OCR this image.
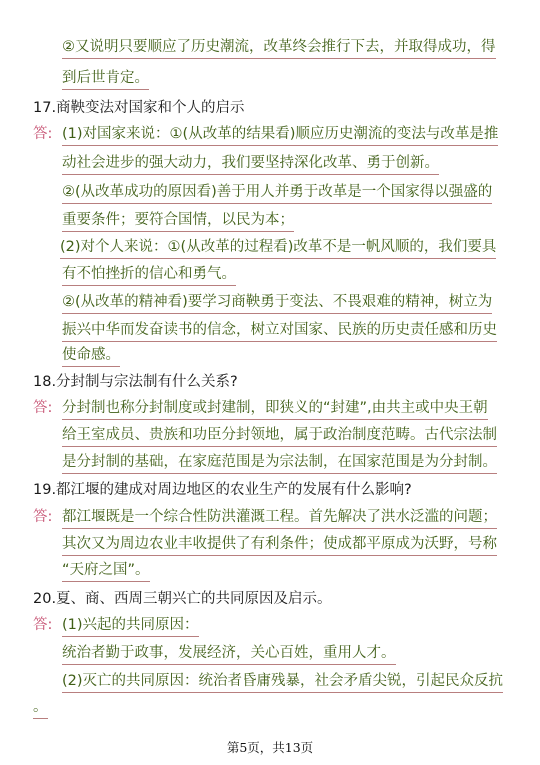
②又说明只要顺应了历史潮流，改革终会推行下去，并取得成功，得
到后世肯定。
17.商鞅变法对国家和个人的启示
答: (1)对国家来说：①(从改革的结果看)顺应历史潮流的变法与改革是推
动社会进步的强大动力，我们要坚持深化改革、勇于创新。
②(从改革成功的原因看)善于用人并勇于改革是一个国家得以强盛的
重要条件；要符合国情，以民为本；
(2)对个人来说：①(从改革的过程看)改革不是一帆风顺的，我们要具
有不怕挫折的信心和勇气。
②(从改革的精神看)要学习商鞅勇于变法、不畏艰难的精神，树立为
振兴中华而发奋读书的信念，树立对国家、民族的历史责任感和历史
使命感。
18.分封制与宗法制有什么关系?
答: 分封制也称分封制度或封建制，即狭义的“封建”,由共主或中央王朝
给王室成员、贵族和功臣分封领地，属于政治制度范畴。古代宗法制
是分封制的基础，在家庭范围是为宗法制，在国家范围是为分封制。
19.都江堰的建成对周边地区的农业生产的发展有什么影响?
答: 都江堰既是一个综合性防洪灌溉工程。首先解决了洪水泛滥的问题；
其次又为周边农业丰收提供了有利条件；使成都平原成为沃野，号称
“天府之国”。
20.夏、商、西周三朝兴亡的共同原因及启示。
答: (1)兴起的共同原因：
统治者勤于政事，发展经济，关心百姓，重用人才。
(2)灭亡的共同原因：统治者昏庸残暴，社会矛盾尖锐，引起民众反抗
。
第5页，共13页
